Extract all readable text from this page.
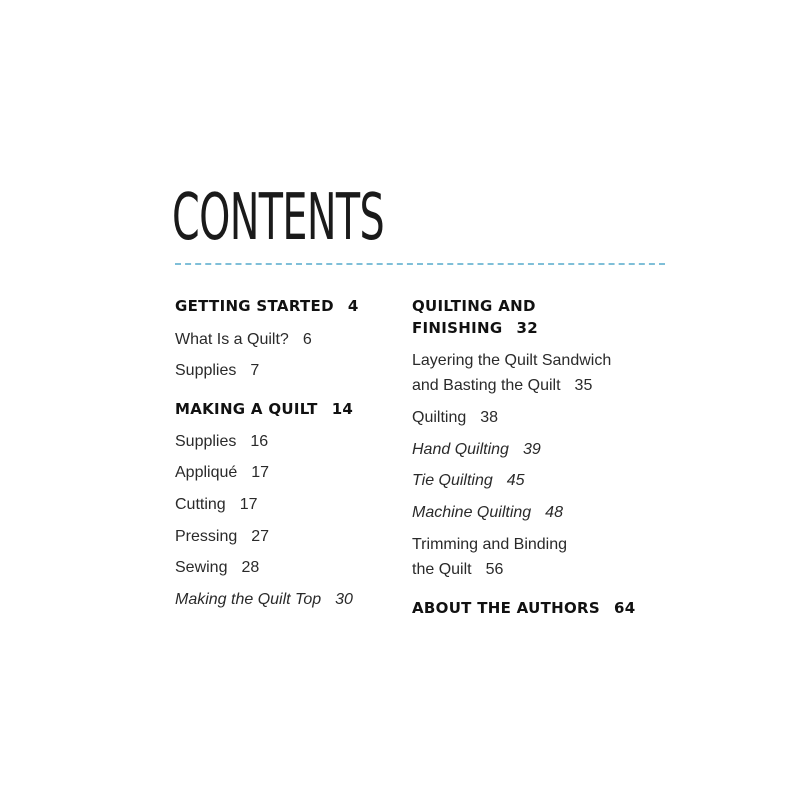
CONTENTS
GETTING STARTED 4
What Is a Quilt? 6
Supplies 7
MAKING A QUILT 14
Supplies 16
Appliqué 17
Cutting 17
Pressing 27
Sewing 28
Making the Quilt Top 30
QUILTING AND
FINISHING 32
Layering the Quilt Sandwich
and Basting the Quilt 35
Quilting 38
Hand Quilting 39
Tie Quilting 45
Machine Quilting 48
Trimming and Binding
the Quilt 56
ABOUT THE AUTHORS 64
